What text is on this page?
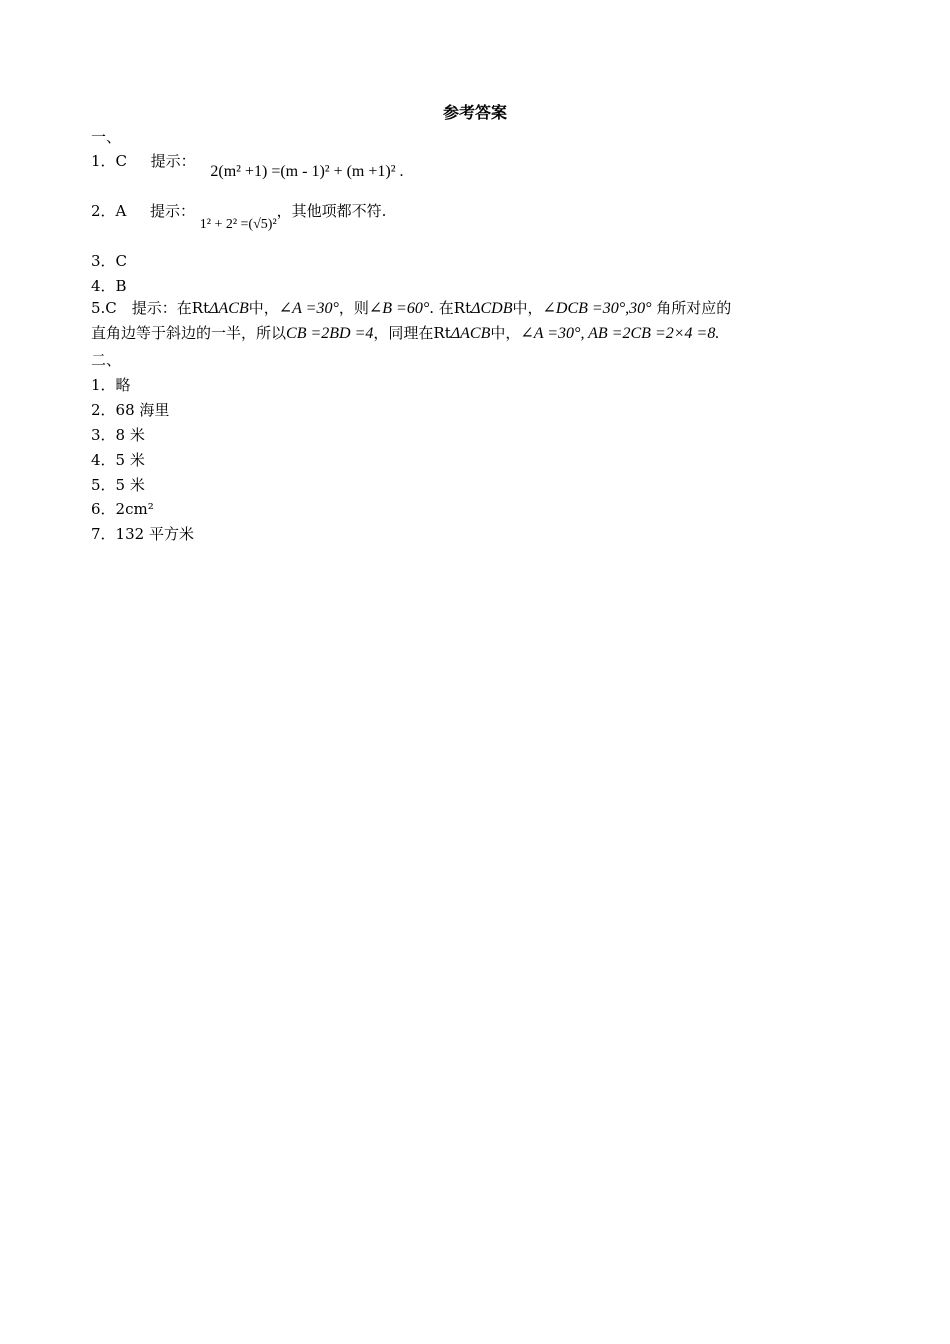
参考答案
一、
1．C 提示： 2(m² +1) =(m - 1)² + (m +1)² .
2．A 提示： 1² + 2² =(√5)²，其他项都不符.
3．C
4．B
5.C　提示：在RtΔACB中，∠A =30°，则∠B =60°. 在RtΔCDB中，∠DCB =30°,30° 角所对应的
直角边等于斜边的一半，所以CB =2BD =4，同理在RtΔACB中，∠A =30°, AB =2CB =2×4 =8.
二、
1．略
2．68 海里
3．8 米
4．5 米
5．5 米
6．2cm²
7．132 平方米
